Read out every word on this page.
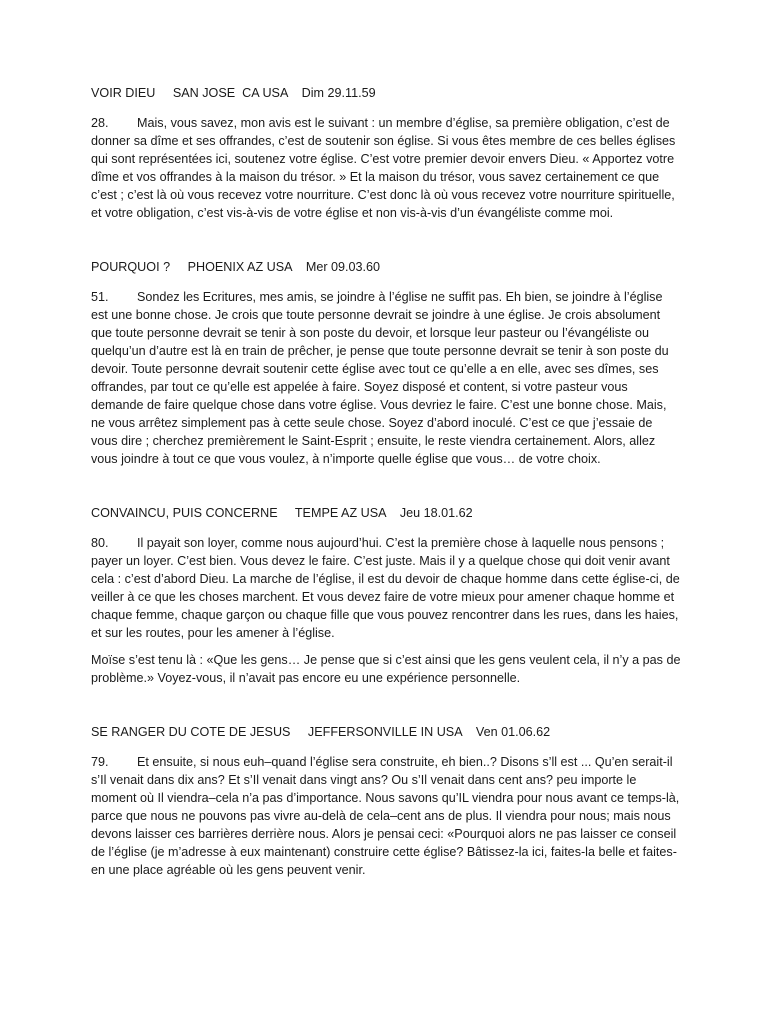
VOIR DIEU     SAN JOSE  CA USA    Dim 29.11.59

28. Mais, vous savez, mon avis est le suivant : un membre d’église, sa première obligation, c’est de donner sa dîme et ses offrandes, c’est de soutenir son église. Si vous êtes membre de ces belles églises qui sont représentées ici, soutenez votre église. C’est votre premier devoir envers Dieu. « Apportez votre dîme et vos offrandes à la maison du trésor. » Et la maison du trésor, vous savez certainement ce que c’est ; c’est là où vous recevez votre nourriture. C’est donc là où vous recevez votre nourriture spirituelle, et votre obligation, c’est vis-à-vis de votre église et non vis-à-vis d’un évangéliste comme moi.

POURQUOI ?     PHOENIX AZ USA    Mer 09.03.60

51. Sondez les Ecritures, mes amis, se joindre à l’église ne suffit pas. Eh bien, se joindre à l’église est une bonne chose. Je crois que toute personne devrait se joindre à une église. Je crois absolument que toute personne devrait se tenir à son poste du devoir, et lorsque leur pasteur ou l’évangéliste ou quelqu’un d’autre est là en train de prêcher, je pense que toute personne devrait se tenir à son poste du devoir. Toute personne devrait soutenir cette église avec tout ce qu’elle a en elle, avec ses dîmes, ses offrandes, par tout ce qu’elle est appelée à faire. Soyez disposé et content, si votre pasteur vous demande de faire quelque chose dans votre église. Vous devriez le faire. C’est une bonne chose. Mais, ne vous arrêtez simplement pas à cette seule chose. Soyez d’abord inoculé. C’est ce que j’essaie de vous dire ; cherchez premièrement le Saint-Esprit ; ensuite, le reste viendra certainement. Alors, allez vous joindre à tout ce que vous voulez, à n’importe quelle église que vous… de votre choix.

CONVAINCU, PUIS CONCERNE     TEMPE AZ USA    Jeu 18.01.62

80. Il payait son loyer, comme nous aujourd’hui. C’est la première chose à laquelle nous pensons ; payer un loyer. C’est bien. Vous devez le faire. C’est juste. Mais il y a quelque chose qui doit venir avant cela : c’est d’abord Dieu. La marche de l’église, il est du devoir de chaque homme dans cette église-ci, de veiller à ce que les choses marchent. Et vous devez faire de votre mieux pour amener chaque homme et chaque femme, chaque garçon ou chaque fille que vous pouvez rencontrer dans les rues, dans les haies, et sur les routes, pour les amener à l’église.

Moïse s’est tenu là : «Que les gens… Je pense que si c’est ainsi que les gens veulent cela, il n’y a pas de problème.» Voyez-vous, il n’avait pas encore eu une expérience personnelle.

SE RANGER DU COTE DE JESUS     JEFFERSONVILLE IN USA    Ven 01.06.62

79. Et ensuite, si nous euh–quand l’église sera construite, eh bien..? Disons s’ll est ... Qu’en serait-il s’Il venait dans dix ans? Et s’Il venait dans vingt ans? Ou s’Il venait dans cent ans? peu importe le moment où Il viendra–cela n’a pas d’importance. Nous savons qu’IL viendra pour nous avant ce temps-là, parce que nous ne pouvons pas vivre au-delà de cela–cent ans de plus. Il viendra pour nous; mais nous devons laisser ces barrières derrière nous. Alors je pensai ceci: «Pourquoi alors ne pas laisser ce conseil de l’église (je m’adresse à eux maintenant) construire cette église? Bâtissez-la ici, faites-la belle et faites-en une place agréable où les gens peuvent venir.
